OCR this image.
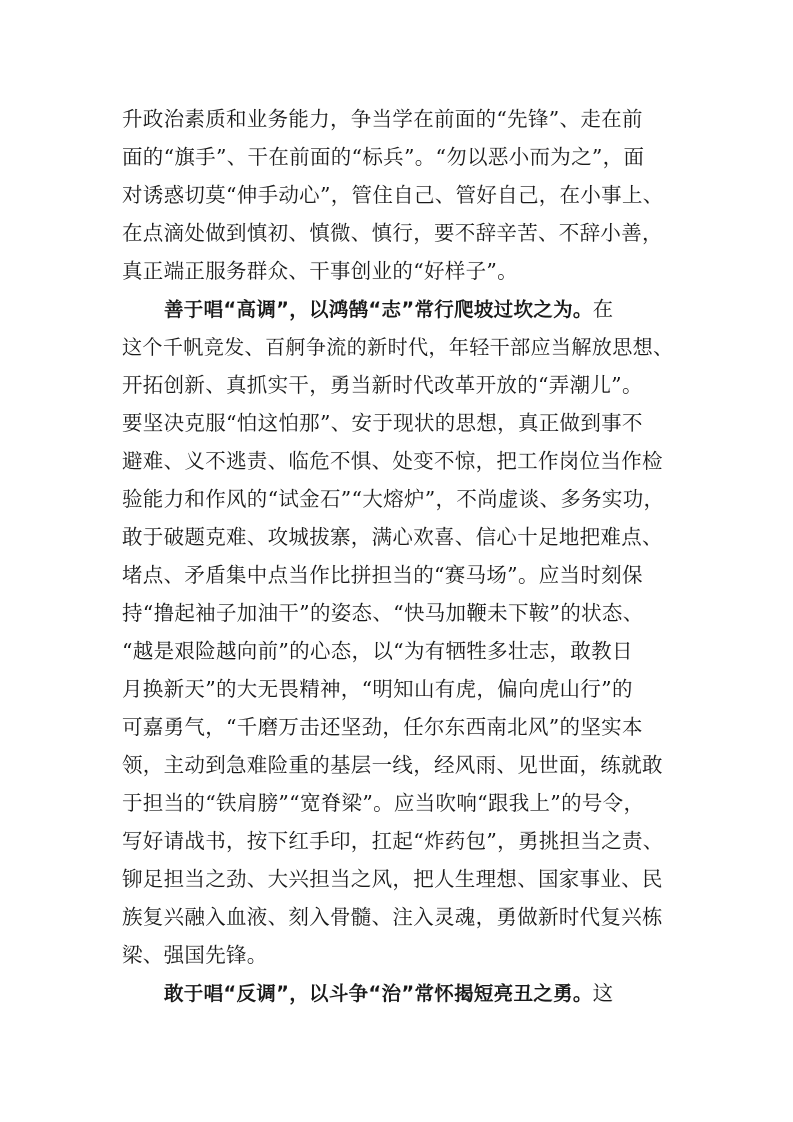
升政治素质和业务能力，争当学在前面的“先锋”、走在前
面的“旗手”、干在前面的“标兵”。“勿以恶小而为之”，面
对诱惑切莫“伸手动心”，管住自己、管好自己，在小事上、
在点滴处做到慎初、慎微、慎行，要不辞辛苦、不辞小善，
真正端正服务群众、干事创业的“好样子”。
善于唱“高调”，以鸿鹄“志”常行爬坡过坎之为。在
这个千帆竞发、百舸争流的新时代，年轻干部应当解放思想、
开拓创新、真抓实干，勇当新时代改革开放的“弄潮儿”。
要坚决克服“怕这怕那”、安于现状的思想，真正做到事不
避难、义不逃责、临危不惧、处变不惊，把工作岗位当作检
验能力和作风的“试金石”“大熔炉”，不尚虚谈、多务实功，
敢于破题克难、攻城拔寨，满心欢喜、信心十足地把难点、
堵点、矛盾集中点当作比拼担当的“赛马场”。应当时刻保
持“撸起袖子加油干”的姿态、“快马加鞭未下鞍”的状态、
“越是艰险越向前”的心态，以“为有牺牲多壮志，敢教日
月换新天”的大无畏精神，“明知山有虎，偏向虎山行”的
可嘉勇气，“千磨万击还坚劲，任尔东西南北风”的坚实本
领，主动到急难险重的基层一线，经风雨、见世面，练就敢
于担当的“铁肩膀”“宽脊梁”。应当吹响“跟我上”的号令，
写好请战书，按下红手印，扛起“炸药包”，勇挑担当之责、
铆足担当之劲、大兴担当之风，把人生理想、国家事业、民
族复兴融入血液、刻入骨髓、注入灵魂，勇做新时代复兴栋
梁、强国先锋。
敢于唱“反调”，以斗争“治”常怀揭短亮丑之勇。这
